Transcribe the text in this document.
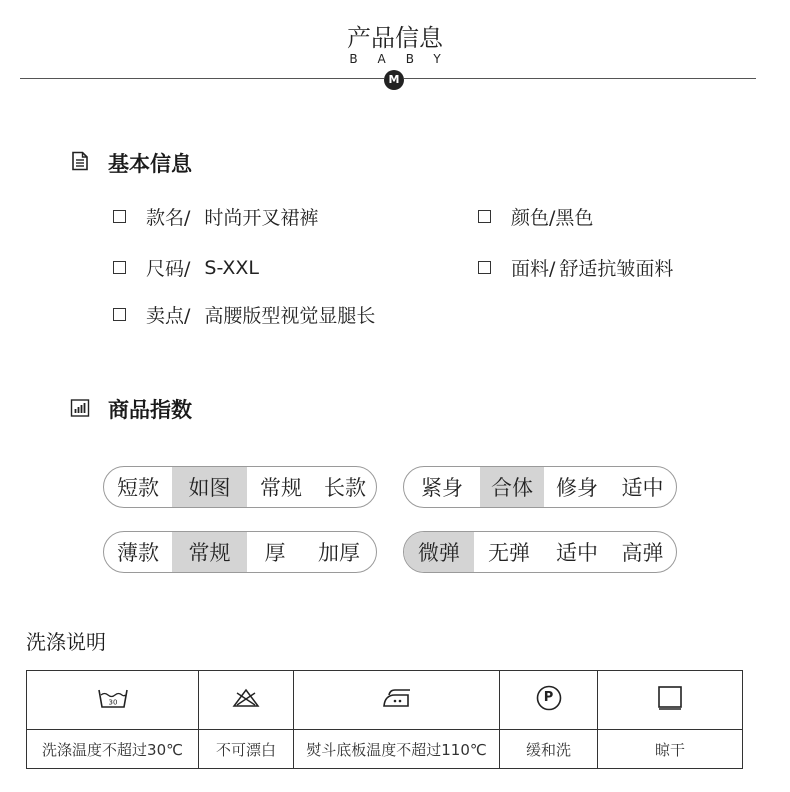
产品信息
BABY
M
基本信息
款名/ 时尚开叉裙裤	颜色/ 黑色
尺码/ S-XXL	面料/ 舒适抗皱面料
卖点/ 高腰版型视觉显腿长
商品指数
短款	如图	常规	长款	紧身	合体	修身	适中
薄款	常规	厚	加厚	微弹	无弹	适中	高弹
洗涤说明
30			P

洗涤温度不超过30℃	不可漂白	熨斗底板温度不超过110℃	缓和洗	晾干
